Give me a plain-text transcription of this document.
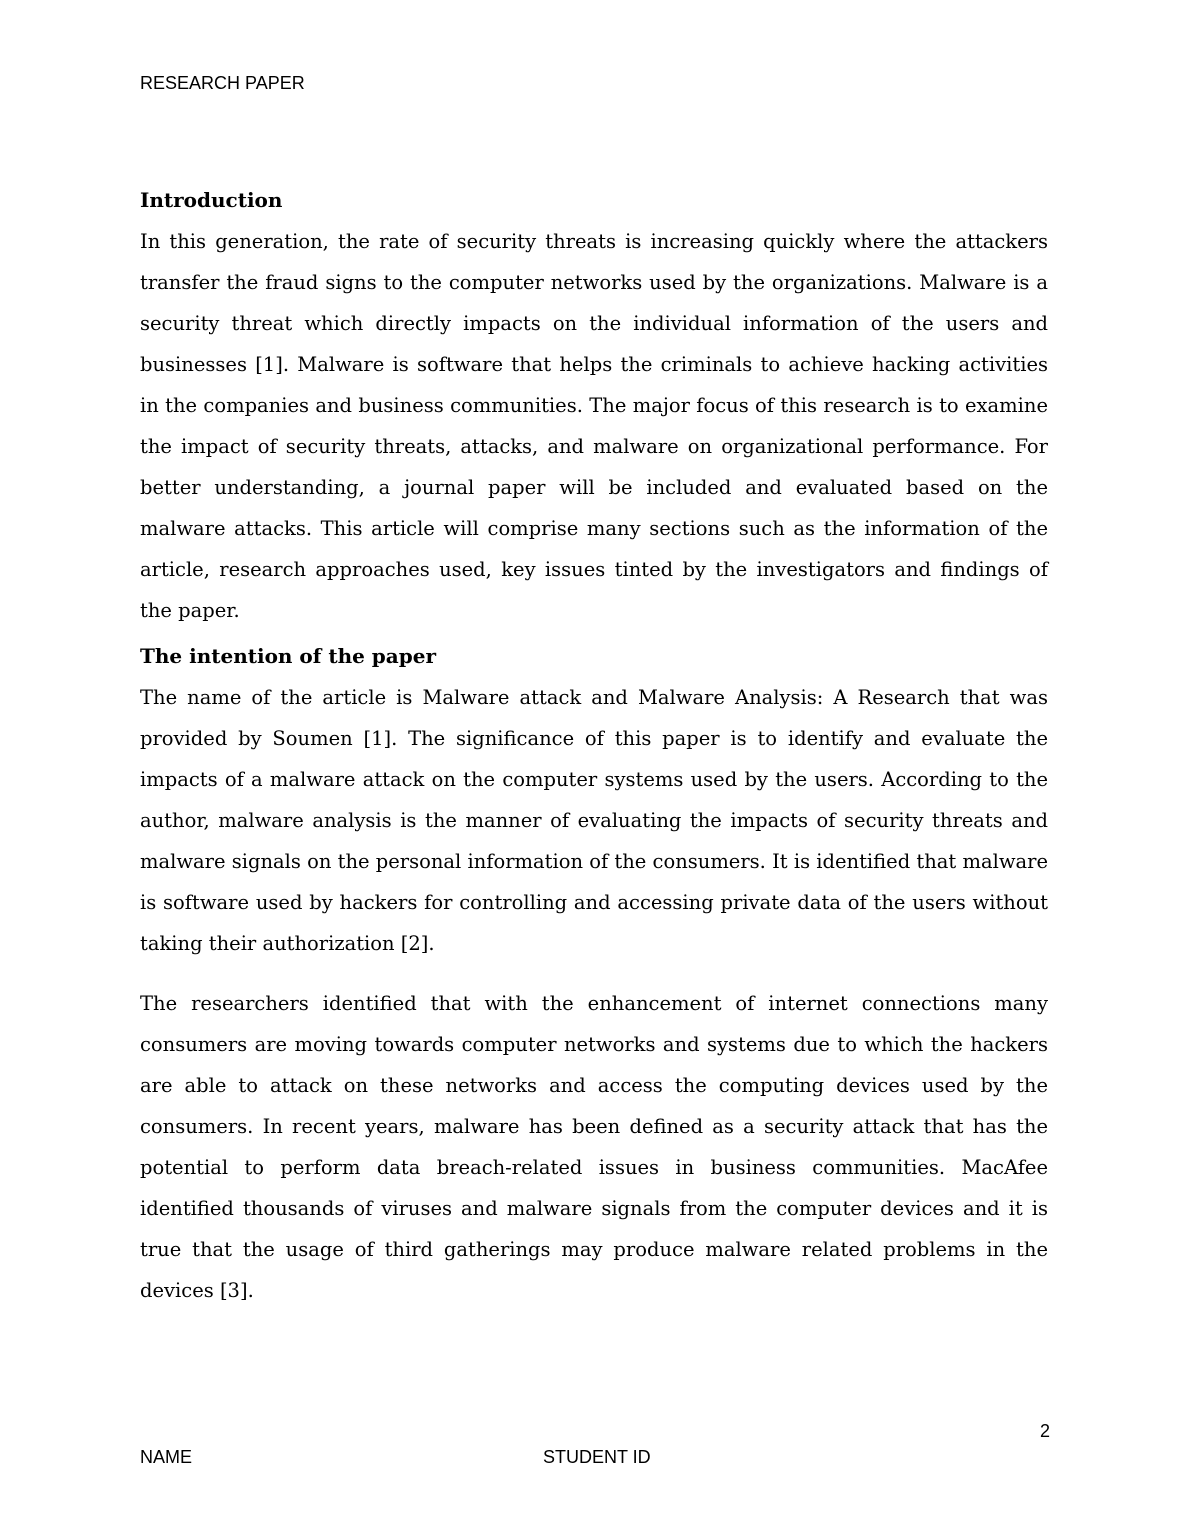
RESEARCH PAPER
Introduction

In this generation, the rate of security threats is increasing quickly where the attackers transfer the fraud signs to the computer networks used by the organizations. Malware is a security threat which directly impacts on the individual information of the users and businesses [1]. Malware is software that helps the criminals to achieve hacking activities in the companies and business communities. The major focus of this research is to examine the impact of security threats, attacks, and malware on organizational performance. For better understanding, a journal paper will be included and evaluated based on the malware attacks. This article will comprise many sections such as the information of the article, research approaches used, key issues tinted by the investigators and findings of the paper.

The intention of the paper

The name of the article is Malware attack and Malware Analysis: A Research that was provided by Soumen [1]. The significance of this paper is to identify and evaluate the impacts of a malware attack on the computer systems used by the users. According to the author, malware analysis is the manner of evaluating the impacts of security threats and malware signals on the personal information of the consumers. It is identified that malware is software used by hackers for controlling and accessing private data of the users without taking their authorization [2].

The researchers identified that with the enhancement of internet connections many consumers are moving towards computer networks and systems due to which the hackers are able to attack on these networks and access the computing devices used by the consumers. In recent years, malware has been defined as a security attack that has the potential to perform data breach-related issues in business communities. MacAfee identified thousands of viruses and malware signals from the computer devices and it is true that the usage of third gatherings may produce malware related problems in the devices [3].

2
NAME	STUDENT ID
